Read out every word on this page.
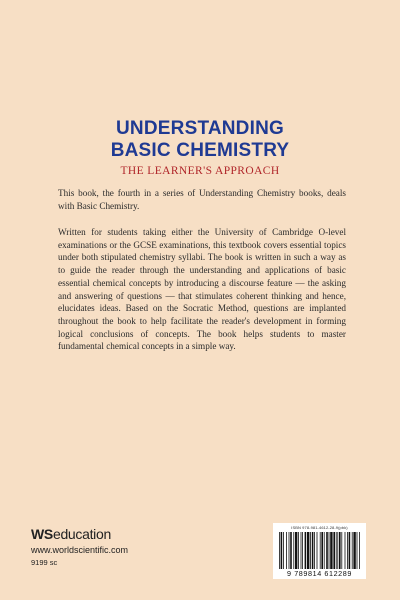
UNDERSTANDING
BASIC CHEMISTRY
THE LEARNER'S APPROACH

This book, the fourth in a series of Understanding Chemistry books, deals with Basic Chemistry.

Written for students taking either the University of Cambridge O-level examinations or the GCSE examinations, this textbook covers essential topics under both stipulated chemistry syllabi. The book is written in such a way as to guide the reader through the understanding and applications of basic essential chemical concepts by introducing a discourse feature — the asking and answering of questions — that stimulates coherent thinking and hence, elucidates ideas. Based on the Socratic Method, questions are implanted throughout the book to help facilitate the reader's development in forming logical conclusions of concepts. The book helps students to master fundamental chemical concepts in a simple way.

WSeducation
www.worldscientific.com
9199 sc
ISBN 978-981-4612-28-9(pbk)
9 789814 612289
